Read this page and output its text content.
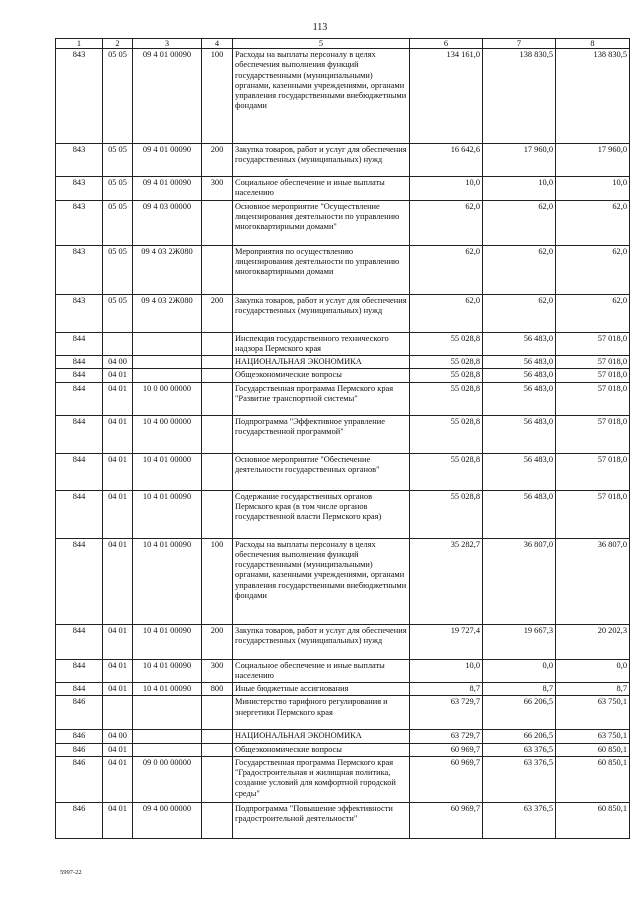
113
1	2	3	4	5	6	7	8
843	05 05	09 4 01 00090	100	Расходы на выплаты персоналу в целях обеспечения выполнения функций государственными (муниципальными) органами, казенными учреждениями, органами управления государственными внебюджетными фондами	134 161,0	138 830,5	138 830,5
843	05 05	09 4 01 00090	200	Закупка товаров, работ и услуг для обеспечения государственных (муниципальных) нужд	16 642,6	17 960,0	17 960,0
843	05 05	09 4 01 00090	300	Социальное обеспечение и иные выплаты населению	10,0	10,0	10,0
843	05 05	09 4 03 00000		Основное мероприятие "Осуществление лицензирования деятельности по управлению многоквартирными домами"	62,0	62,0	62,0
843	05 05	09 4 03 2Ж080		Мероприятия по осуществлению лицензирования деятельности по управлению многоквартирными домами	62,0	62,0	62,0
843	05 05	09 4 03 2Ж080	200	Закупка товаров, работ и услуг для обеспечения государственных (муниципальных) нужд	62,0	62,0	62,0
844				Инспекция государственного технического надзора Пермского края	55 028,8	56 483,0	57 018,0
844	04 00			НАЦИОНАЛЬНАЯ ЭКОНОМИКА	55 028,8	56 483,0	57 018,0
844	04 01			Общеэкономические вопросы	55 028,8	56 483,0	57 018,0
844	04 01	10 0 00 00000		Государственная программа Пермского края "Развитие транспортной системы"	55 028,8	56 483,0	57 018,0
844	04 01	10 4 00 00000		Подпрограмма "Эффективное управление государственной программой"	55 028,8	56 483,0	57 018,0
844	04 01	10 4 01 00000		Основное мероприятие "Обеспечение деятельности государственных органов"	55 028,8	56 483,0	57 018,0
844	04 01	10 4 01 00090		Содержание государственных органов Пермского края (в том числе органов государственной власти Пермского края)	55 028,8	56 483,0	57 018,0
844	04 01	10 4 01 00090	100	Расходы на выплаты персоналу в целях обеспечения выполнения функций государственными (муниципальными) органами, казенными учреждениями, органами управления государственными внебюджетными фондами	35 282,7	36 807,0	36 807,0
844	04 01	10 4 01 00090	200	Закупка товаров, работ и услуг для обеспечения государственных (муниципальных) нужд	19 727,4	19 667,3	20 202,3
844	04 01	10 4 01 00090	300	Социальное обеспечение и иные выплаты населению	10,0	0,0	0,0
844	04 01	10 4 01 00090	800	Иные бюджетные ассигнования	8,7	8,7	8,7
846				Министерство тарифного регулирования и энергетики Пермского края	63 729,7	66 206,5	63 750,1
846	04 00			НАЦИОНАЛЬНАЯ ЭКОНОМИКА	63 729,7	66 206,5	63 750,1
846	04 01			Общеэкономические вопросы	60 969,7	63 376,5	60 850,1
846	04 01	09 0 00 00000		Государственная программа Пермского края "Градостроительная и жилищная политика, создание условий для комфортной городской среды"	60 969,7	63 376,5	60 850,1
846	04 01	09 4 00 00000		Подпрограмма "Повышение эффективности градостроительной деятельности"	60 969,7	63 376,5	60 850,1
5997-22
